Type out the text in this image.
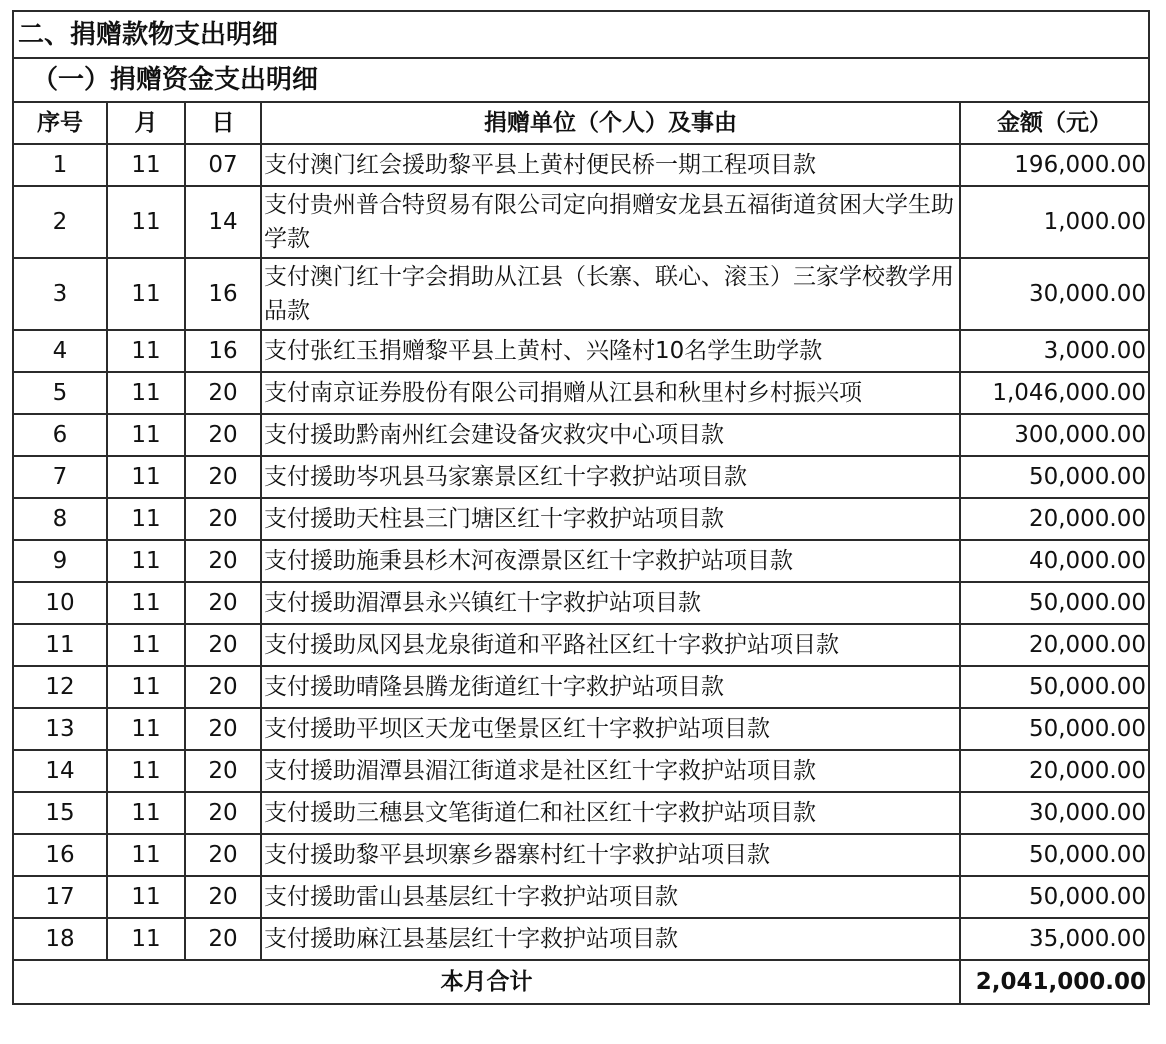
二、捐赠款物支出明细				
（一）捐赠资金支出明细				
序号	月	日	捐赠单位（个人）及事由	金额（元）
1	11	07	支付澳门红会援助黎平县上黄村便民桥一期工程项目款	196,000.00
2	11	14	支付贵州普合特贸易有限公司定向捐赠安龙县五福街道贫困大学生助学款	1,000.00
3	11	16	支付澳门红十字会捐助从江县（长寨、联心、滚玉）三家学校教学用品款	30,000.00
4	11	16	支付张红玉捐赠黎平县上黄村、兴隆村10名学生助学款	3,000.00
5	11	20	支付南京证券股份有限公司捐赠从江县和秋里村乡村振兴项	1,046,000.00
6	11	20	支付援助黔南州红会建设备灾救灾中心项目款	300,000.00
7	11	20	支付援助岑巩县马家寨景区红十字救护站项目款	50,000.00
8	11	20	支付援助天柱县三门塘区红十字救护站项目款	20,000.00
9	11	20	支付援助施秉县杉木河夜漂景区红十字救护站项目款	40,000.00
10	11	20	支付援助湄潭县永兴镇红十字救护站项目款	50,000.00
11	11	20	支付援助凤冈县龙泉街道和平路社区红十字救护站项目款	20,000.00
12	11	20	支付援助晴隆县腾龙街道红十字救护站项目款	50,000.00
13	11	20	支付援助平坝区天龙屯堡景区红十字救护站项目款	50,000.00
14	11	20	支付援助湄潭县湄江街道求是社区红十字救护站项目款	20,000.00
15	11	20	支付援助三穗县文笔街道仁和社区红十字救护站项目款	30,000.00
16	11	20	支付援助黎平县坝寨乡器寨村红十字救护站项目款	50,000.00
17	11	20	支付援助雷山县基层红十字救护站项目款	50,000.00
18	11	20	支付援助麻江县基层红十字救护站项目款	35,000.00
本月合计				2,041,000.00
